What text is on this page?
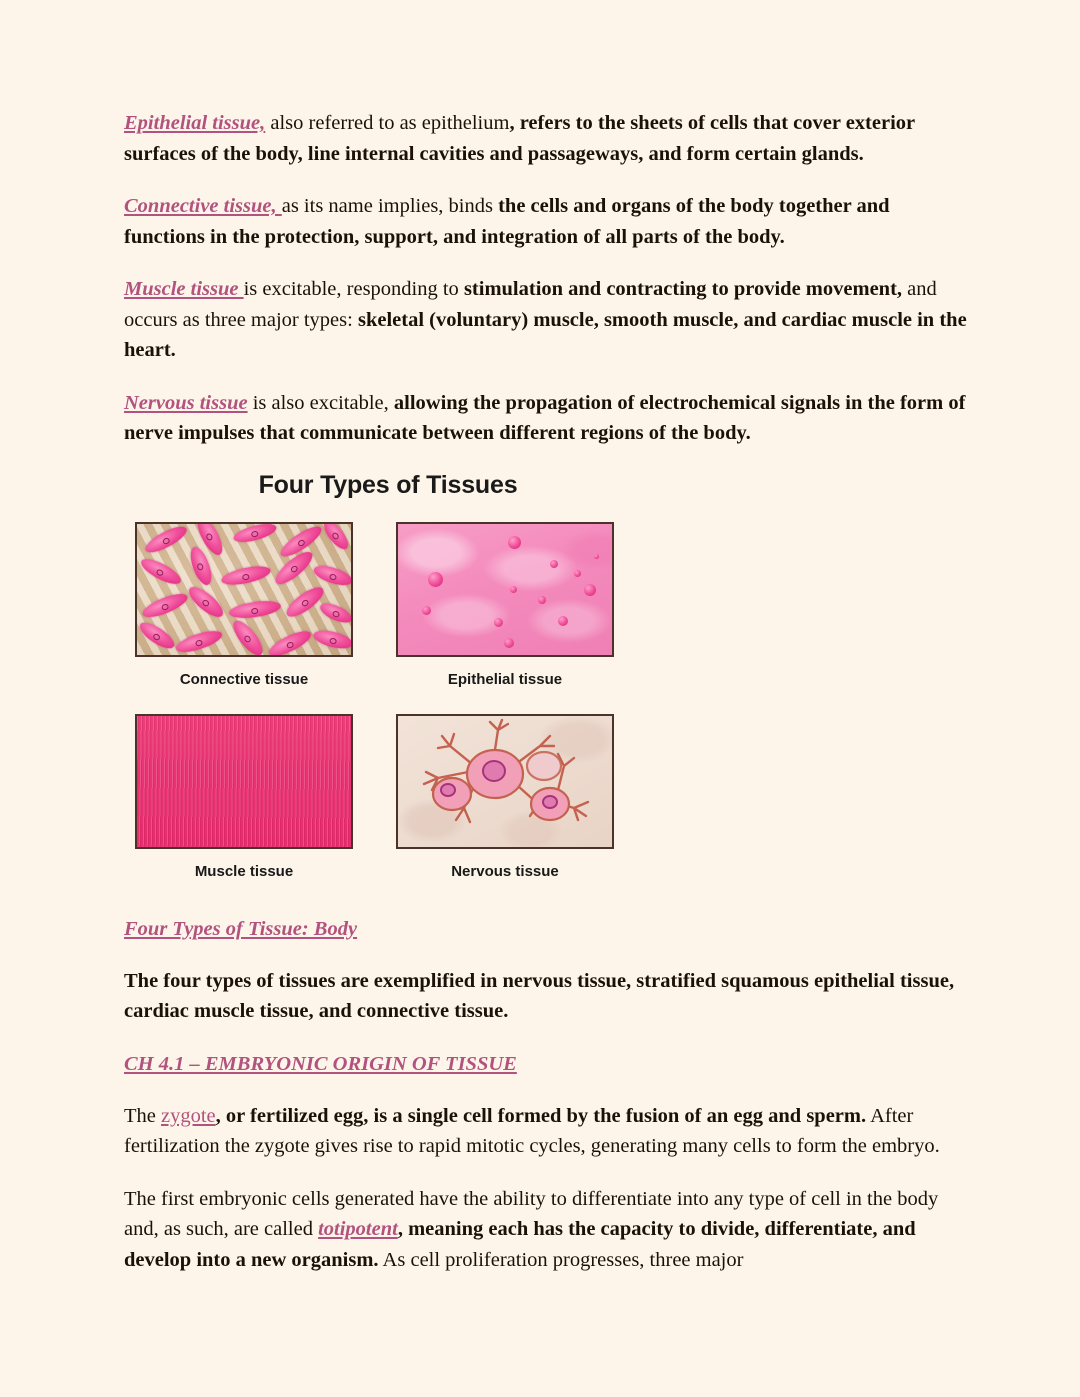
Epithelial tissue, also referred to as epithelium, refers to the sheets of cells that cover exterior surfaces of the body, line internal cavities and passageways, and form certain glands.

Connective tissue, as its name implies, binds the cells and organs of the body together and functions in the protection, support, and integration of all parts of the body.

Muscle tissue is excitable, responding to stimulation and contracting to provide movement, and occurs as three major types: skeletal (voluntary) muscle, smooth muscle, and cardiac muscle in the heart.

Nervous tissue is also excitable, allowing the propagation of electrochemical signals in the form of nerve impulses that communicate between different regions of the body.

Four Types of Tissues
Connective tissue	Epithelial tissue
Muscle tissue	Nervous tissue
Four Types of Tissue: Body

The four types of tissues are exemplified in nervous tissue, stratified squamous epithelial tissue, cardiac muscle tissue, and connective tissue.

CH 4.1 – EMBRYONIC ORIGIN OF TISSUE

The zygote, or fertilized egg, is a single cell formed by the fusion of an egg and sperm. After fertilization the zygote gives rise to rapid mitotic cycles, generating many cells to form the embryo.

The first embryonic cells generated have the ability to differentiate into any type of cell in the body and, as such, are called totipotent, meaning each has the capacity to divide, differentiate, and develop into a new organism. As cell proliferation progresses, three major
